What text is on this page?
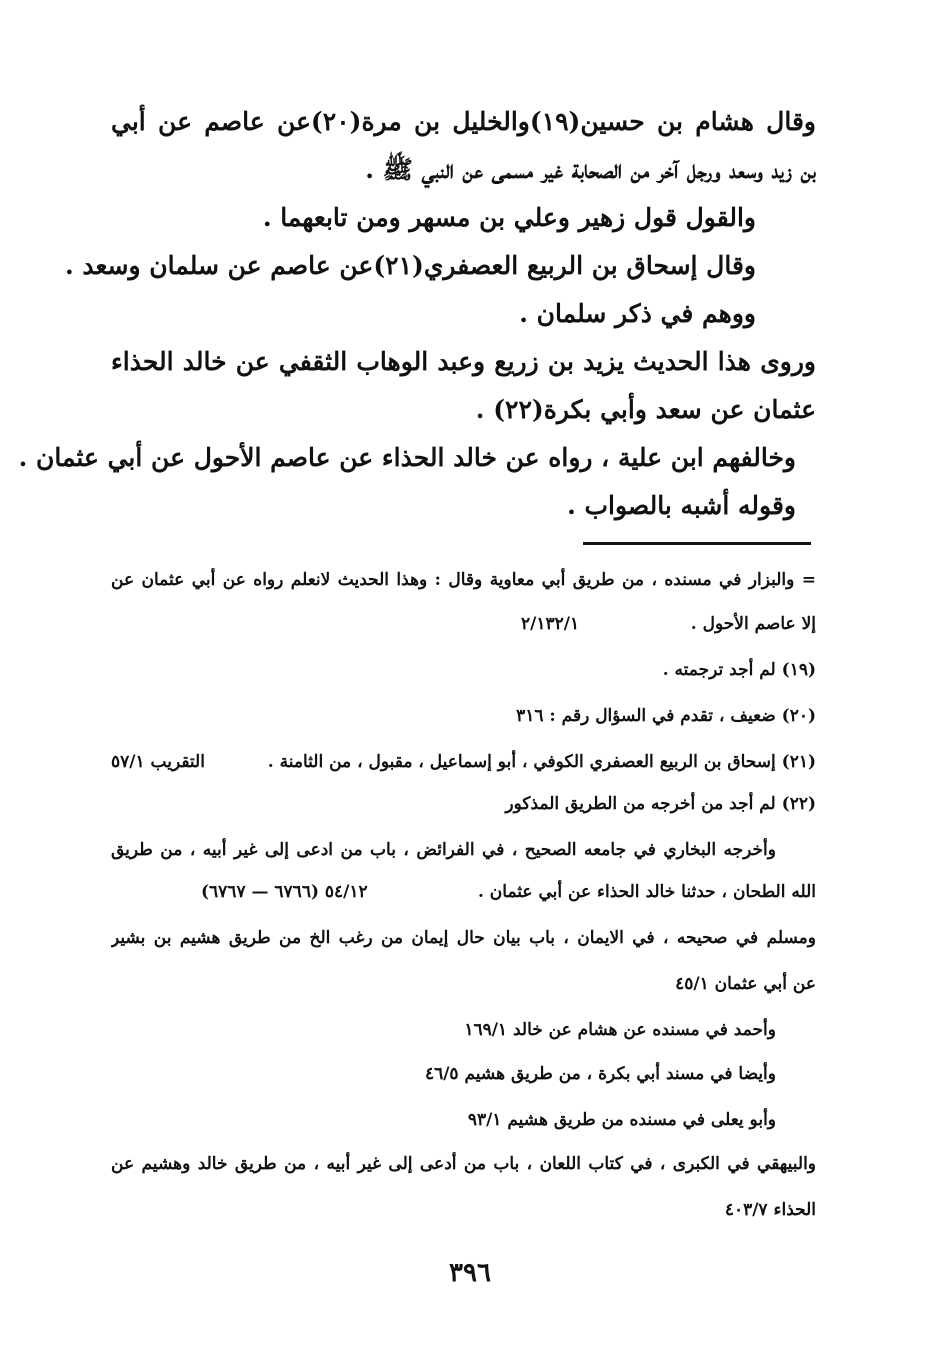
وقال هشام بن حسين(١٩)والخليل بن مرة(٢٠)عن عاصم عن أبي
بن زيد وسعد ورجل آخر من الصحابة غير مسمى عن النبي ﷺ .
والقول قول زهير وعلي بن مسهر ومن تابعهما .
وقال إسحاق بن الربيع العصفري(٢١)عن عاصم عن سلمان وسعد .
ووهم في ذكر سلمان .
وروى هذا الحديث يزيد بن زريع وعبد الوهاب الثقفي عن خالد الحذاء
عثمان عن سعد وأبي بكرة(٢٢) .
وخالفهم ابن علية ، رواه عن خالد الحذاء عن عاصم الأحول عن أبي عثمان .
وقوله أشبه بالصواب .
= والبزار في مسنده ، من طريق أبي معاوية وقال : وهذا الحديث لانعلم رواه عن أبي عثمان عن
إلا عاصم الأحول .
٢/١٣٢/١
(١٩) لم أجد ترجمته .
(٢٠) ضعيف ، تقدم في السؤال رقم : ٣١٦
(٢١) إسحاق بن الربيع العصفري الكوفي ، أبو إسماعيل ، مقبول ، من الثامنة .
التقريب ٥٧/١
(٢٢) لم أجد من أخرجه من الطريق المذكور
وأخرجه البخاري في جامعه الصحيح ، في الفرائض ، باب من ادعى إلى غير أبيه ، من طريق
الله الطحان ، حدثنا خالد الحذاء عن أبي عثمان .
٥٤/١٢ (٦٧٦٦ — ٦٧٦٧)
ومسلم في صحيحه ، في الايمان ، باب بيان حال إيمان من رغب الخ من طريق هشيم بن بشير
عن أبي عثمان ٤٥/١
وأحمد في مسنده عن هشام عن خالد ١٦٩/١
وأيضا في مسند أبي بكرة ، من طريق هشيم ٤٦/٥
وأبو يعلى في مسنده من طريق هشيم ٩٣/١
والبيهقي في الكبرى ، في كتاب اللعان ، باب من أدعى إلى غير أبيه ، من طريق خالد وهشيم عن
الحذاء ٤٠٣/٧
٣٩٦
